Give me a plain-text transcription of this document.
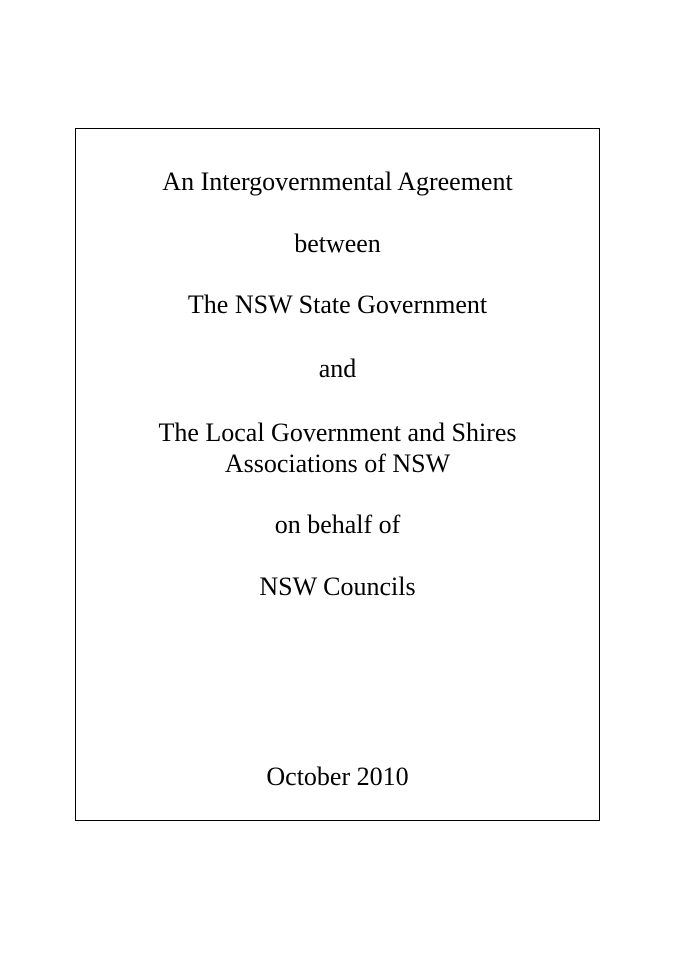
An Intergovernmental Agreement
between
The NSW State Government
and
The Local Government and Shires
Associations of NSW
on behalf of
NSW Councils
October 2010
